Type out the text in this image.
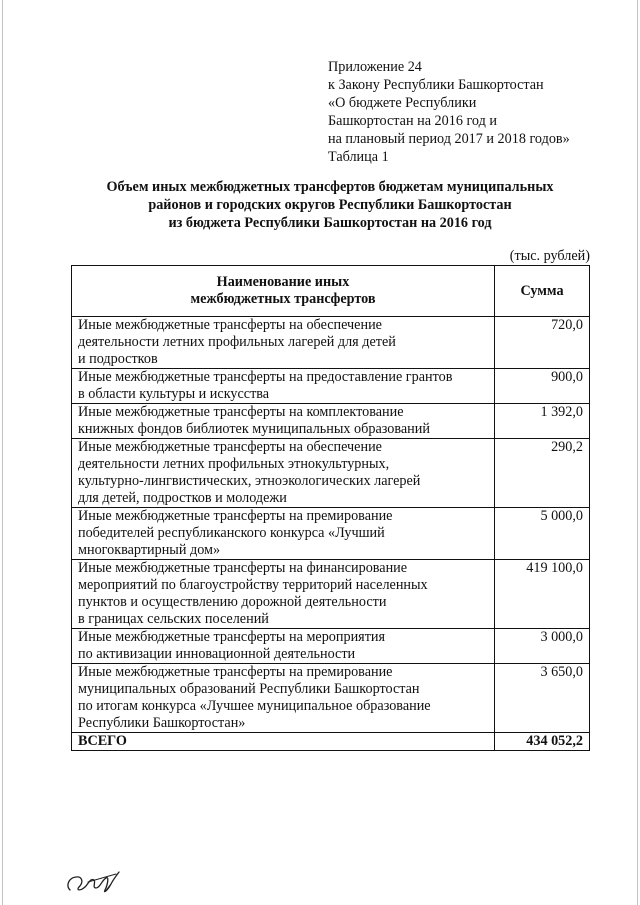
Приложение 24
к Закону Республики Башкортостан
«О бюджете Республики
Башкортостан на 2016 год и
на плановый период 2017 и 2018 годов»
Таблица 1
Объем иных межбюджетных трансфертов бюджетам муниципальных
районов и городских округов Республики Башкортостан
из бюджета Республики Башкортостан на 2016 год
(тыс. рублей)
Наименование иных
межбюджетных трансфертов	Сумма

Иные межбюджетные трансферты на обеспечение
деятельности летних профильных лагерей для детей
и подростков	720,0

Иные межбюджетные трансферты на предоставление грантов
в области культуры и искусства	900,0

Иные межбюджетные трансферты на комплектование
книжных фондов библиотек муниципальных образований	1 392,0

Иные межбюджетные трансферты на обеспечение
деятельности летних профильных этнокультурных,
культурно-лингвистических, этноэкологических лагерей
для детей, подростков и молодежи	290,2

Иные межбюджетные трансферты на премирование
победителей республиканского конкурса «Лучший
многоквартирный дом»	5 000,0

Иные межбюджетные трансферты на финансирование
мероприятий по благоустройству территорий населенных
пунктов и осуществлению дорожной деятельности
в границах сельских поселений	419 100,0

Иные межбюджетные трансферты на мероприятия
по активизации инновационной деятельности	3 000,0

Иные межбюджетные трансферты на премирование
муниципальных образований Республики Башкортостан
по итогам конкурса «Лучшее муниципальное образование
Республики Башкортостан»	3 650,0
ВСЕГО	434 052,2
